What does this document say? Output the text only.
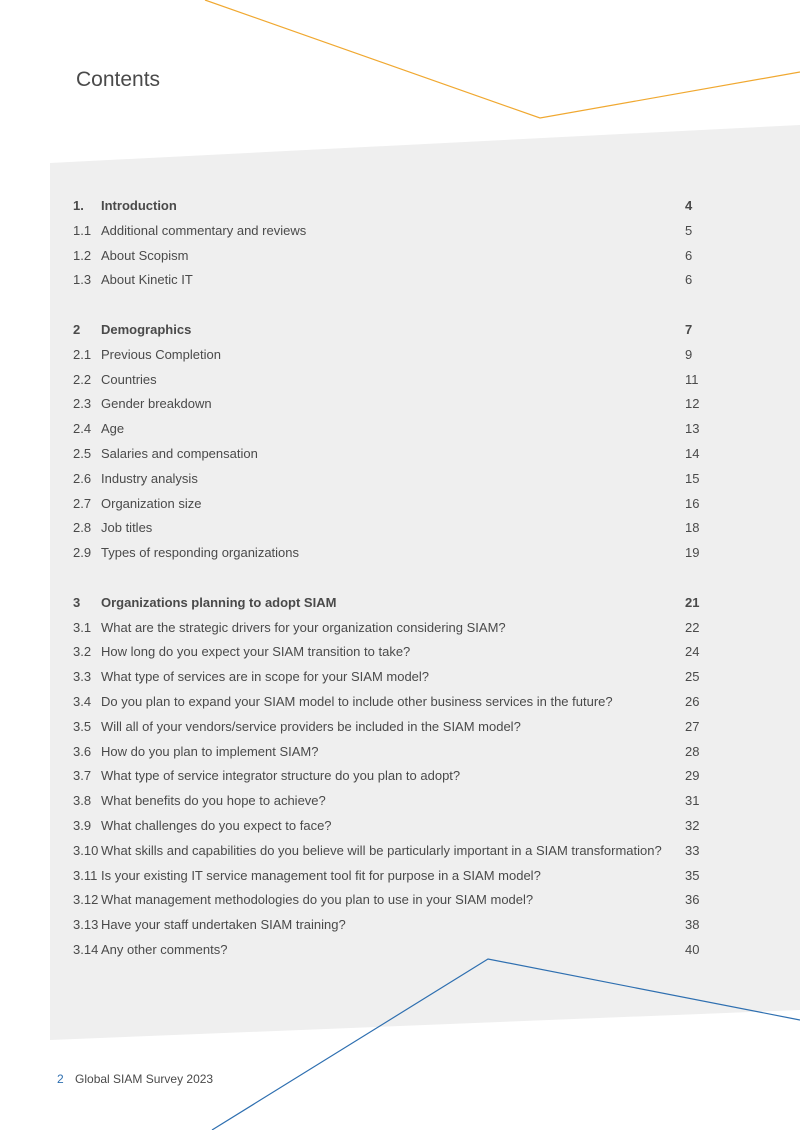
Contents
1.	Introduction	4
1.1 Additional commentary and reviews	5
1.2 About Scopism	6
1.3 About Kinetic IT	6
2	Demographics	7
2.1 Previous Completion	9
2.2 Countries	11
2.3 Gender breakdown	12
2.4 Age	13
2.5 Salaries and compensation	14
2.6 Industry analysis	15
2.7 Organization size	16
2.8 Job titles	18
2.9 Types of responding organizations	19
3	Organizations planning to adopt SIAM	21
3.1 What are the strategic drivers for your organization considering SIAM?	22
3.2 How long do you expect your SIAM transition to take?	24
3.3 What type of services are in scope for your SIAM model?	25
3.4 Do you plan to expand your SIAM model to include other business services in the future?	26
3.5 Will all of your vendors/service providers be included in the SIAM model?	27
3.6 How do you plan to implement SIAM?	28
3.7 What type of service integrator structure do you plan to adopt?	29
3.8 What benefits do you hope to achieve?	31
3.9 What challenges do you expect to face?	32
3.10 What skills and capabilities do you believe will be particularly important in a SIAM transformation?	33
3.11 Is your existing IT service management tool fit for purpose in a SIAM model?	35
3.12 What management methodologies do you plan to use in your SIAM model?	36
3.13 Have your staff undertaken SIAM training?	38
3.14 Any other comments?	40
2 Global SIAM Survey 2023
